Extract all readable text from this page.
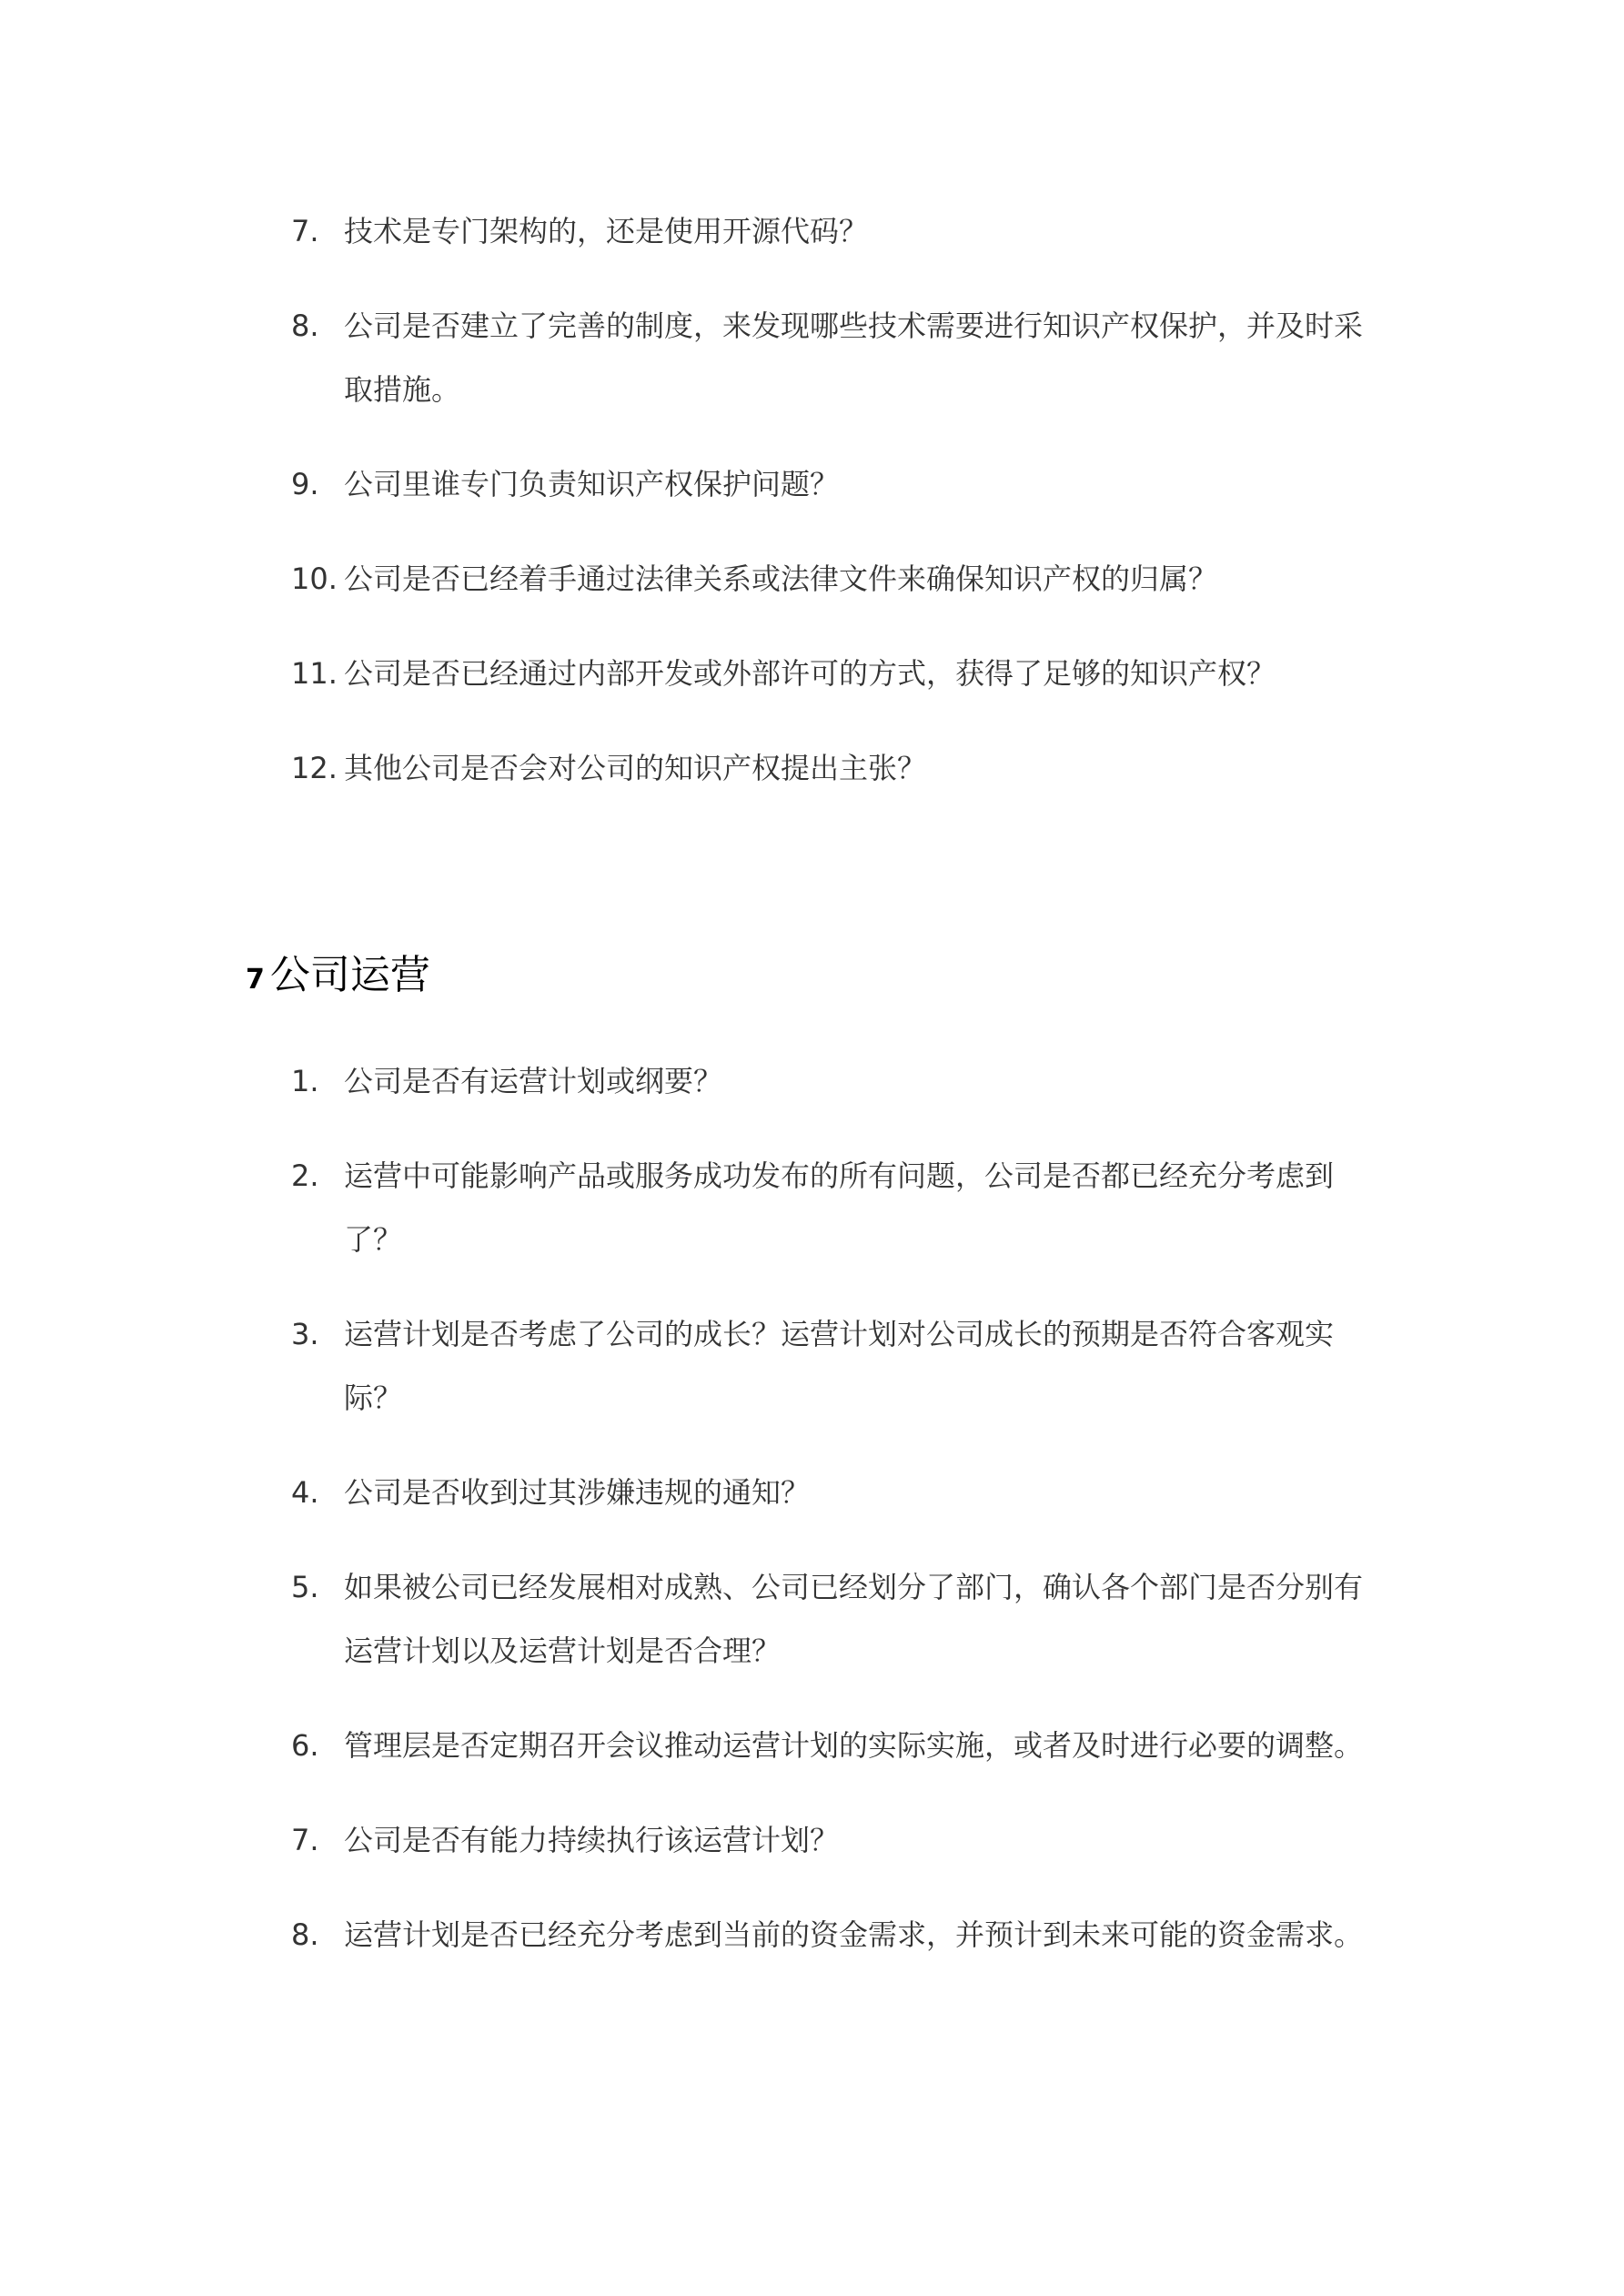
7. 技术是专门架构的，还是使用开源代码？
8. 公司是否建立了完善的制度，来发现哪些技术需要进行知识产权保护，并及时采取措施。
9. 公司里谁专门负责知识产权保护问题？
10. 公司是否已经着手通过法律关系或法律文件来确保知识产权的归属？
11. 公司是否已经通过内部开发或外部许可的方式，获得了足够的知识产权？
12. 其他公司是否会对公司的知识产权提出主张？
7 公司运营
1. 公司是否有运营计划或纲要？
2. 运营中可能影响产品或服务成功发布的所有问题，公司是否都已经充分考虑到了？
3. 运营计划是否考虑了公司的成长？运营计划对公司成长的预期是否符合客观实际？
4. 公司是否收到过其涉嫌违规的通知？
5. 如果被公司已经发展相对成熟、公司已经划分了部门，确认各个部门是否分别有运营计划以及运营计划是否合理？
6. 管理层是否定期召开会议推动运营计划的实际实施，或者及时进行必要的调整。
7. 公司是否有能力持续执行该运营计划？
8. 运营计划是否已经充分考虑到当前的资金需求，并预计到未来可能的资金需求。
